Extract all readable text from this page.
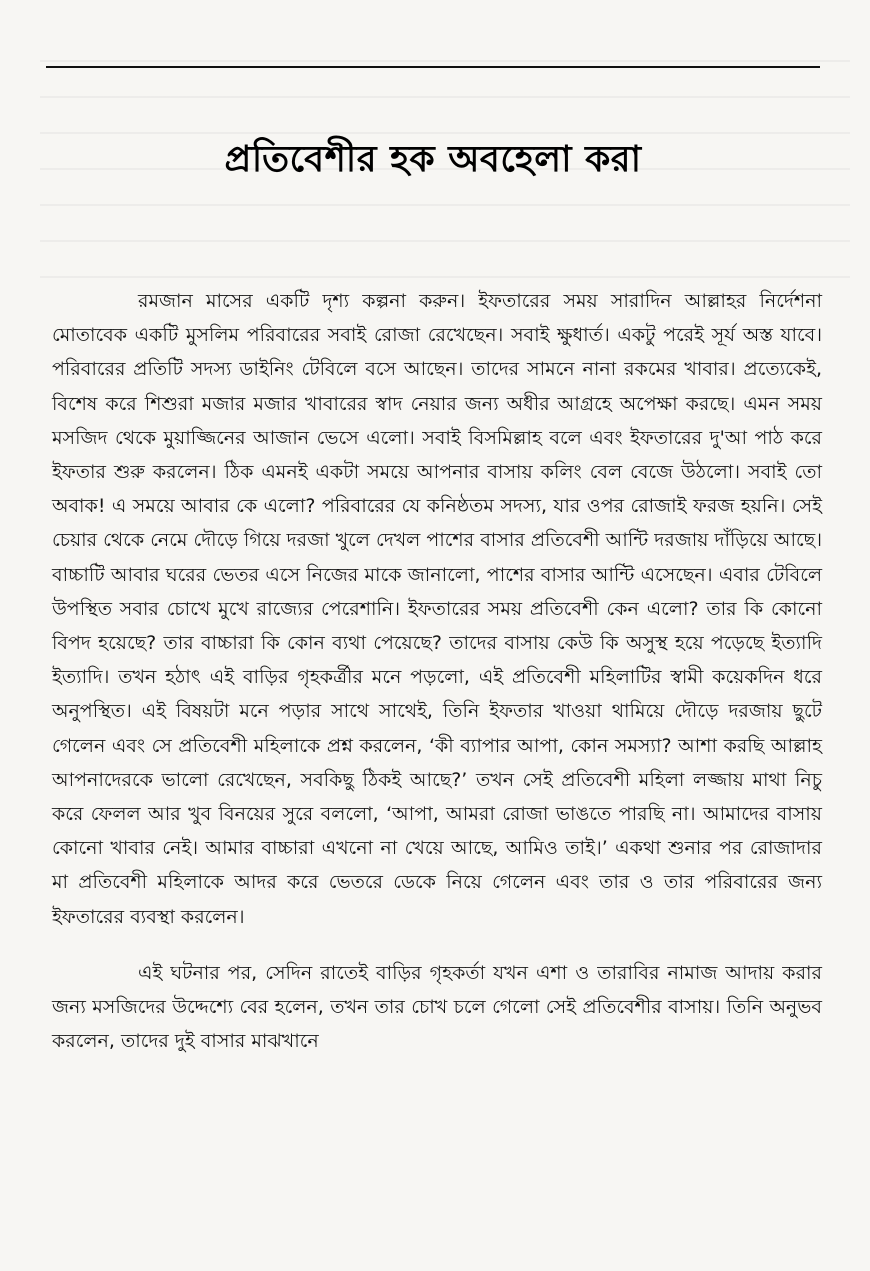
প্রতিবেশীর হক অবহেলা করা

রমজান মাসের একটি দৃশ্য কল্পনা করুন। ইফতারের সময় সারাদিন আল্লাহর নির্দেশনা মোতাবেক একটি মুসলিম পরিবারের সবাই রোজা রেখেছেন। সবাই ক্ষুধার্ত। একটু পরেই সূর্য অস্ত যাবে। পরিবারের প্রতিটি সদস্য ডাইনিং টেবিলে বসে আছেন। তাদের সামনে নানা রকমের খাবার। প্রত্যেকেই, বিশেষ করে শিশুরা মজার মজার খাবারের স্বাদ নেয়ার জন্য অধীর আগ্রহে অপেক্ষা করছে। এমন সময় মসজিদ থেকে মুয়াজ্জিনের আজান ভেসে এলো। সবাই বিসমিল্লাহ বলে এবং ইফতারের দু'আ পাঠ করে ইফতার শুরু করলেন। ঠিক এমনই একটা সময়ে আপনার বাসায় কলিং বেল বেজে উঠলো। সবাই তো অবাক! এ সময়ে আবার কে এলো? পরিবারের যে কনিষ্ঠতম সদস্য, যার ওপর রোজাই ফরজ হয়নি। সেই চেয়ার থেকে নেমে দৌড়ে গিয়ে দরজা খুলে দেখল পাশের বাসার প্রতিবেশী আন্টি দরজায় দাঁড়িয়ে আছে। বাচ্চাটি আবার ঘরের ভেতর এসে নিজের মাকে জানালো, পাশের বাসার আন্টি এসেছেন। এবার টেবিলে উপস্থিত সবার চোখে মুখে রাজ্যের পেরেশানি। ইফতারের সময় প্রতিবেশী কেন এলো? তার কি কোনো বিপদ হয়েছে? তার বাচ্চারা কি কোন ব্যথা পেয়েছে? তাদের বাসায় কেউ কি অসুস্থ হয়ে পড়েছে ইত্যাদি ইত্যাদি। তখন হঠাৎ এই বাড়ির গৃহকর্ত্রীর মনে পড়লো, এই প্রতিবেশী মহিলাটির স্বামী কয়েকদিন ধরে অনুপস্থিত। এই বিষয়টা মনে পড়ার সাথে সাথেই, তিনি ইফতার খাওয়া থামিয়ে দৌড়ে দরজায় ছুটে গেলেন এবং সে প্রতিবেশী মহিলাকে প্রশ্ন করলেন, ‘কী ব্যাপার আপা, কোন সমস্যা? আশা করছি আল্লাহ আপনাদেরকে ভালো রেখেছেন, সবকিছু ঠিকই আছে?’ তখন সেই প্রতিবেশী মহিলা লজ্জায় মাথা নিচু করে ফেলল আর খুব বিনয়ের সুরে বললো, ‘আপা, আমরা রোজা ভাঙতে পারছি না। আমাদের বাসায় কোনো খাবার নেই। আমার বাচ্চারা এখনো না খেয়ে আছে, আমিও তাই।’ একথা শুনার পর রোজাদার মা প্রতিবেশী মহিলাকে আদর করে ভেতরে ডেকে নিয়ে গেলেন এবং তার ও তার পরিবারের জন্য ইফতারের ব্যবস্থা করলেন।

এই ঘটনার পর, সেদিন রাতেই বাড়ির গৃহকর্তা যখন এশা ও তারাবির নামাজ আদায় করার জন্য মসজিদের উদ্দেশ্যে বের হলেন, তখন তার চোখ চলে গেলো সেই প্রতিবেশীর বাসায়। তিনি অনুভব করলেন, তাদের দুই বাসার মাঝখানে
